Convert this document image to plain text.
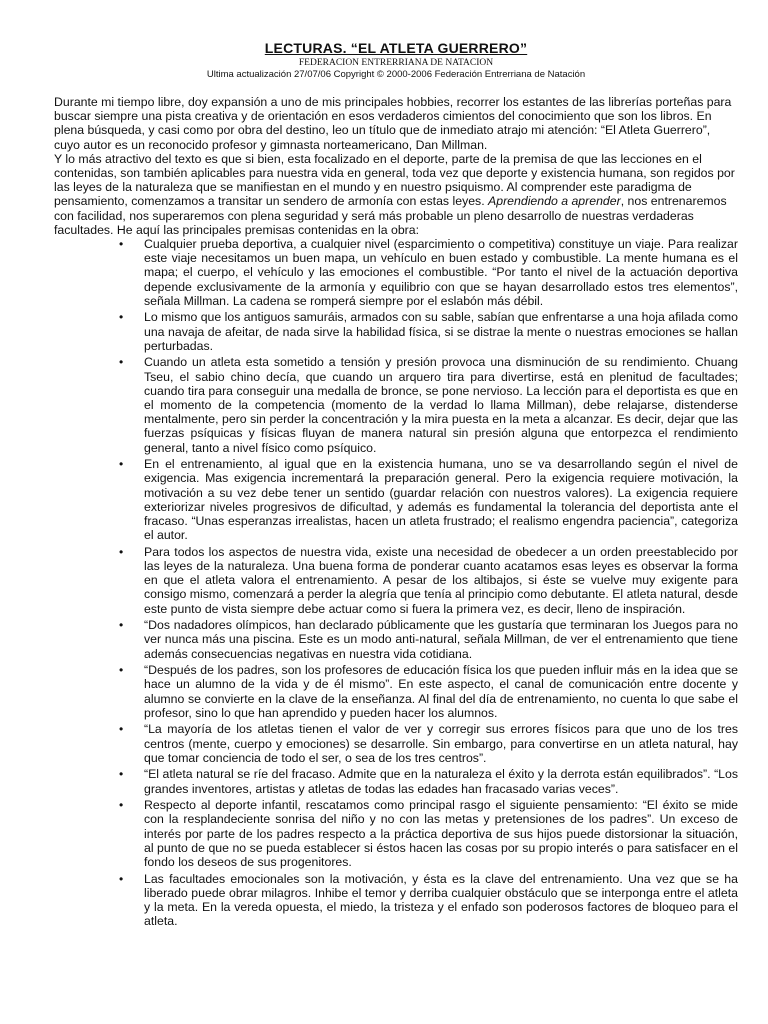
LECTURAS. “EL ATLETA GUERRERO”

FEDERACION ENTRERRIANA DE NATACION

Ultima actualización 27/07/06 Copyright © 2000-2006 Federación Entrerriana de Natación

Durante mi tiempo libre, doy expansión a uno de mis principales hobbies, recorrer los estantes de las librerías porteñas para buscar siempre una pista creativa y de orientación en esos verdaderos cimientos del conocimiento que son los libros. En plena búsqueda, y casi como por obra del destino, leo un título que de inmediato atrajo mi atención: “El Atleta Guerrero”, cuyo autor es un reconocido profesor y gimnasta norteamericano, Dan Millman.

Y lo más atractivo del texto es que si bien, esta focalizado en el deporte, parte de la premisa de que las lecciones en el contenidas, son también aplicables para nuestra vida en general, toda vez que deporte y existencia humana, son regidos por las leyes de la naturaleza que se manifiestan en el mundo y en nuestro psiquismo. Al comprender este paradigma de pensamiento, comenzamos a transitar un sendero de armonía con estas leyes. Aprendiendo a aprender, nos entrenaremos con facilidad, nos superaremos con plena seguridad y será más probable un pleno desarrollo de nuestras verdaderas facultades. He aquí las principales premisas contenidas en la obra:

• Cualquier prueba deportiva, a cualquier nivel (esparcimiento o competitiva) constituye un viaje. Para realizar este viaje necesitamos un buen mapa, un vehículo en buen estado y combustible. La mente humana es el mapa; el cuerpo, el vehículo y las emociones el combustible. “Por tanto el nivel de la actuación deportiva depende exclusivamente de la armonía y equilibrio con que se hayan desarrollado estos tres elementos”, señala Millman. La cadena se romperá siempre por el eslabón más débil.
• Lo mismo que los antiguos samuráis, armados con su sable, sabían que enfrentarse a una hoja afilada como una navaja de afeitar, de nada sirve la habilidad física, si se distrae la mente o nuestras emociones se hallan perturbadas.
• Cuando un atleta esta sometido a tensión y presión provoca una disminución de su rendimiento. Chuang Tseu, el sabio chino decía, que cuando un arquero tira para divertirse, está en plenitud de facultades; cuando tira para conseguir una medalla de bronce, se pone nervioso. La lección para el deportista es que en el momento de la competencia (momento de la verdad lo llama Millman), debe relajarse, distenderse mentalmente, pero sin perder la concentración y la mira puesta en la meta a alcanzar. Es decir, dejar que las fuerzas psíquicas y físicas fluyan de manera natural sin presión alguna que entorpezca el rendimiento general, tanto a nivel físico como psíquico.
• En el entrenamiento, al igual que en la existencia humana, uno se va desarrollando según el nivel de exigencia. Mas exigencia incrementará la preparación general. Pero la exigencia requiere motivación, la motivación a su vez debe tener un sentido (guardar relación con nuestros valores). La exigencia requiere exteriorizar niveles progresivos de dificultad, y además es fundamental la tolerancia del deportista ante el fracaso. “Unas esperanzas irrealistas, hacen un atleta frustrado; el realismo engendra paciencia”, categoriza el autor.
• Para todos los aspectos de nuestra vida, existe una necesidad de obedecer a un orden preestablecido por las leyes de la naturaleza. Una buena forma de ponderar cuanto acatamos esas leyes es observar la forma en que el atleta valora el entrenamiento. A pesar de los altibajos, si éste se vuelve muy exigente para consigo mismo, comenzará a perder la alegría que tenía al principio como debutante. El atleta natural, desde este punto de vista siempre debe actuar como si fuera la primera vez, es decir, lleno de inspiración.
• “Dos nadadores olímpicos, han declarado públicamente que les gustaría que terminaran los Juegos para no ver nunca más una piscina. Este es un modo anti-natural, señala Millman, de ver el entrenamiento que tiene además consecuencias negativas en nuestra vida cotidiana.
• “Después de los padres, son los profesores de educación física los que pueden influir más en la idea que se hace un alumno de la vida y de él mismo”. En este aspecto, el canal de comunicación entre docente y alumno se convierte en la clave de la enseñanza. Al final del día de entrenamiento, no cuenta lo que sabe el profesor, sino lo que han aprendido y pueden hacer los alumnos.
• “La mayoría de los atletas tienen el valor de ver y corregir sus errores físicos para que uno de los tres centros (mente, cuerpo y emociones) se desarrolle. Sin embargo, para convertirse en un atleta natural, hay que tomar conciencia de todo el ser, o sea de los tres centros”.
• “El atleta natural se ríe del fracaso. Admite que en la naturaleza el éxito y la derrota están equilibrados”. “Los grandes inventores, artistas y atletas de todas las edades han fracasado varias veces”.
• Respecto al deporte infantil, rescatamos como principal rasgo el siguiente pensamiento: “El éxito se mide con la resplandeciente sonrisa del niño y no con las metas y pretensiones de los padres”. Un exceso de interés por parte de los padres respecto a la práctica deportiva de sus hijos puede distorsionar la situación, al punto de que no se pueda establecer si éstos hacen las cosas por su propio interés o para satisfacer en el fondo los deseos de sus progenitores.
• Las facultades emocionales son la motivación, y ésta es la clave del entrenamiento. Una vez que se ha liberado puede obrar milagros. Inhibe el temor y derriba cualquier obstáculo que se interponga entre el atleta y la meta. En la vereda opuesta, el miedo, la tristeza y el enfado son poderosos factores de bloqueo para el atleta.
